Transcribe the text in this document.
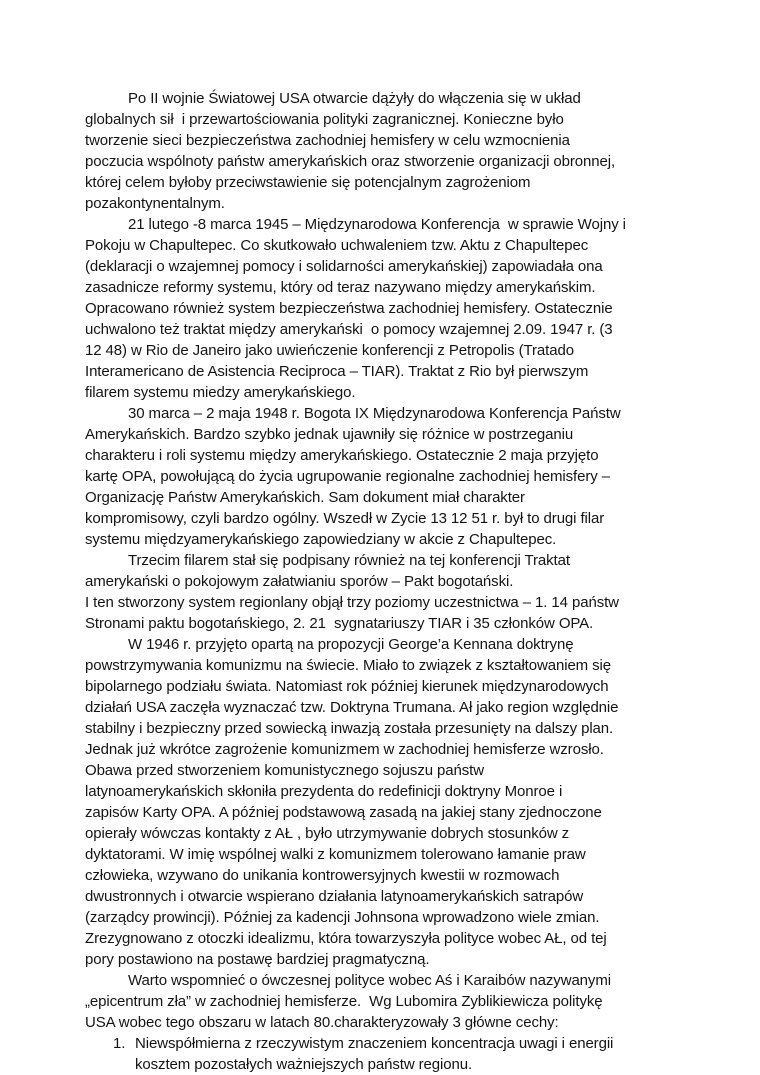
Po II wojnie Światowej USA otwarcie dążyły do włączenia się w układ
globalnych sił  i przewartościowania polityki zagranicznej. Konieczne było
tworzenie sieci bezpieczeństwa zachodniej hemisfery w celu wzmocnienia
poczucia wspólnoty państw amerykańskich oraz stworzenie organizacji obronnej,
której celem byłoby przeciwstawienie się potencjalnym zagrożeniom
pozakontynentalnym.

21 lutego -8 marca 1945 – Międzynarodowa Konferencja  w sprawie Wojny i
Pokoju w Chapultepec. Co skutkowało uchwaleniem tzw. Aktu z Chapultepec
(deklaracji o wzajemnej pomocy i solidarności amerykańskiej) zapowiadała ona
zasadnicze reformy systemu, który od teraz nazywano między amerykańskim.
Opracowano również system bezpieczeństwa zachodniej hemisfery. Ostatecznie
uchwalono też traktat między amerykański  o pomocy wzajemnej 2.09. 1947 r. (3
12 48) w Rio de Janeiro jako uwieńczenie konferencji z Petropolis (Tratado
Interamericano de Asistencia Reciproca – TIAR). Traktat z Rio był pierwszym
filarem systemu miedzy amerykańskiego.

30 marca – 2 maja 1948 r. Bogota IX Międzynarodowa Konferencja Państw
Amerykańskich. Bardzo szybko jednak ujawniły się różnice w postrzeganiu
charakteru i roli systemu między amerykańskiego. Ostatecznie 2 maja przyjęto
kartę OPA, powołującą do życia ugrupowanie regionalne zachodniej hemisfery –
Organizację Państw Amerykańskich. Sam dokument miał charakter
kompromisowy, czyli bardzo ogólny. Wszedł w Zycie 13 12 51 r. był to drugi filar
systemu międzyamerykańskiego zapowiedziany w akcie z Chapultepec.

Trzecim filarem stał się podpisany również na tej konferencji Traktat
amerykański o pokojowym załatwianiu sporów – Pakt bogotański.

I ten stworzony system regionlany objął trzy poziomy uczestnictwa – 1. 14 państw
Stronami paktu bogotańskiego, 2. 21  sygnatariuszy TIAR i 35 członków OPA.

W 1946 r. przyjęto opartą na propozycji George’a Kennana doktrynę
powstrzymywania komunizmu na świecie. Miało to związek z kształtowaniem się
bipolarnego podziału świata. Natomiast rok później kierunek międzynarodowych
działań USA zaczęła wyznaczać tzw. Doktryna Trumana. Ał jako region względnie
stabilny i bezpieczny przed sowiecką inwazją została przesunięty na dalszy plan.
Jednak już wkrótce zagrożenie komunizmem w zachodniej hemisferze wzrosło.
Obawa przed stworzeniem komunistycznego sojuszu państw
latynoamerykańskich skłoniła prezydenta do redefinicji doktryny Monroe i
zapisów Karty OPA. A później podstawową zasadą na jakiej stany zjednoczone
opierały wówczas kontakty z AŁ , było utrzymywanie dobrych stosunków z
dyktatorami. W imię wspólnej walki z komunizmem tolerowano łamanie praw
człowieka, wzywano do unikania kontrowersyjnych kwestii w rozmowach
dwustronnych i otwarcie wspierano działania latynoamerykańskich satrapów
(zarządcy prowincji). Później za kadencji Johnsona wprowadzono wiele zmian.
Zrezygnowano z otoczki idealizmu, która towarzyszyła polityce wobec AŁ, od tej
pory postawiono na postawę bardziej pragmatyczną.

Warto wspomnieć o ówczesnej polityce wobec Aś i Karaibów nazywanymi
„epicentrum zła” w zachodniej hemisferze.  Wg Lubomira Zyblikiewicza politykę
USA wobec tego obszaru w latach 80.charakteryzowały 3 główne cechy:

1. Niewspółmierna z rzeczywistym znaczeniem koncentracja uwagi i energii
kosztem pozostałych ważniejszych państw regionu.
